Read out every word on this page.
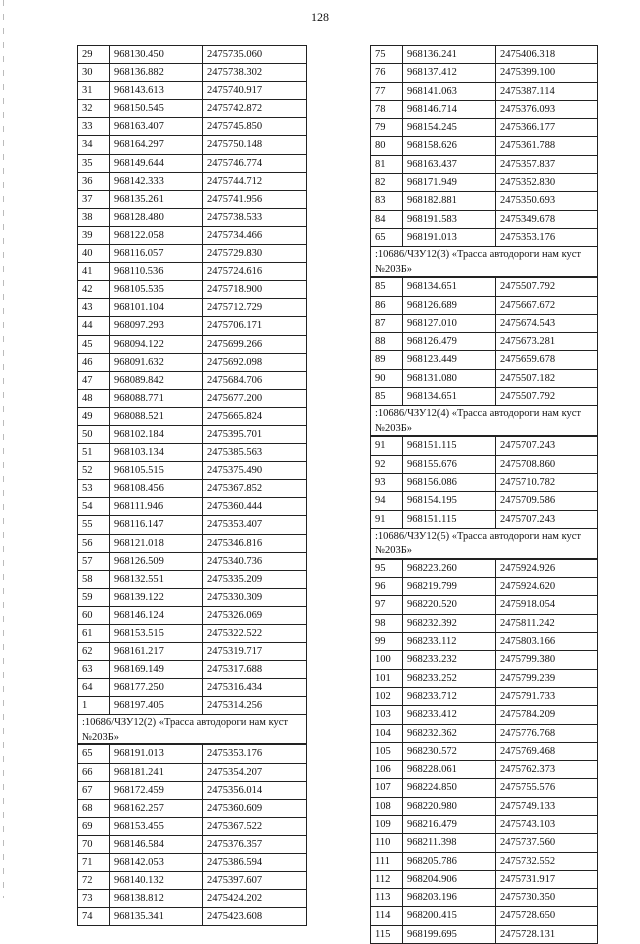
128
29	968130.450	2475735.060
30	968136.882	2475738.302
31	968143.613	2475740.917
32	968150.545	2475742.872
33	968163.407	2475745.850
34	968164.297	2475750.148
35	968149.644	2475746.774
36	968142.333	2475744.712
37	968135.261	2475741.956
38	968128.480	2475738.533
39	968122.058	2475734.466
40	968116.057	2475729.830
41	968110.536	2475724.616
42	968105.535	2475718.900
43	968101.104	2475712.729
44	968097.293	2475706.171
45	968094.122	2475699.266
46	968091.632	2475692.098
47	968089.842	2475684.706
48	968088.771	2475677.200
49	968088.521	2475665.824
50	968102.184	2475395.701
51	968103.134	2475385.563
52	968105.515	2475375.490
53	968108.456	2475367.852
54	968111.946	2475360.444
55	968116.147	2475353.407
56	968121.018	2475346.816
57	968126.509	2475340.736
58	968132.551	2475335.209
59	968139.122	2475330.309
60	968146.124	2475326.069
61	968153.515	2475322.522
62	968161.217	2475319.717
63	968169.149	2475317.688
64	968177.250	2475316.434
1	968197.405	2475314.256
:10686/ЧЗУ12(2) «Трасса автодороги нам куст №203Б»
65	968191.013	2475353.176
66	968181.241	2475354.207
67	968172.459	2475356.014
68	968162.257	2475360.609
69	968153.455	2475367.522
70	968146.584	2475376.357
71	968142.053	2475386.594
72	968140.132	2475397.607
73	968138.812	2475424.202
74	968135.341	2475423.608
75	968136.241	2475406.318
76	968137.412	2475399.100
77	968141.063	2475387.114
78	968146.714	2475376.093
79	968154.245	2475366.177
80	968158.626	2475361.788
81	968163.437	2475357.837
82	968171.949	2475352.830
83	968182.881	2475350.693
84	968191.583	2475349.678
65	968191.013	2475353.176
:10686/ЧЗУ12(3) «Трасса автодороги нам куст №203Б»
85	968134.651	2475507.792
86	968126.689	2475667.672
87	968127.010	2475674.543
88	968126.479	2475673.281
89	968123.449	2475659.678
90	968131.080	2475507.182
85	968134.651	2475507.792
:10686/ЧЗУ12(4) «Трасса автодороги нам куст №203Б»
91	968151.115	2475707.243
92	968155.676	2475708.860
93	968156.086	2475710.782
94	968154.195	2475709.586
91	968151.115	2475707.243
:10686/ЧЗУ12(5) «Трасса автодороги нам куст №203Б»
95	968223.260	2475924.926
96	968219.799	2475924.620
97	968220.520	2475918.054
98	968232.392	2475811.242
99	968233.112	2475803.166
100	968233.232	2475799.380
101	968233.252	2475799.239
102	968233.712	2475791.733
103	968233.412	2475784.209
104	968232.362	2475776.768
105	968230.572	2475769.468
106	968228.061	2475762.373
107	968224.850	2475755.576
108	968220.980	2475749.133
109	968216.479	2475743.103
110	968211.398	2475737.560
111	968205.786	2475732.552
112	968204.906	2475731.917
113	968203.196	2475730.350
114	968200.415	2475728.650
115	968199.695	2475728.131
